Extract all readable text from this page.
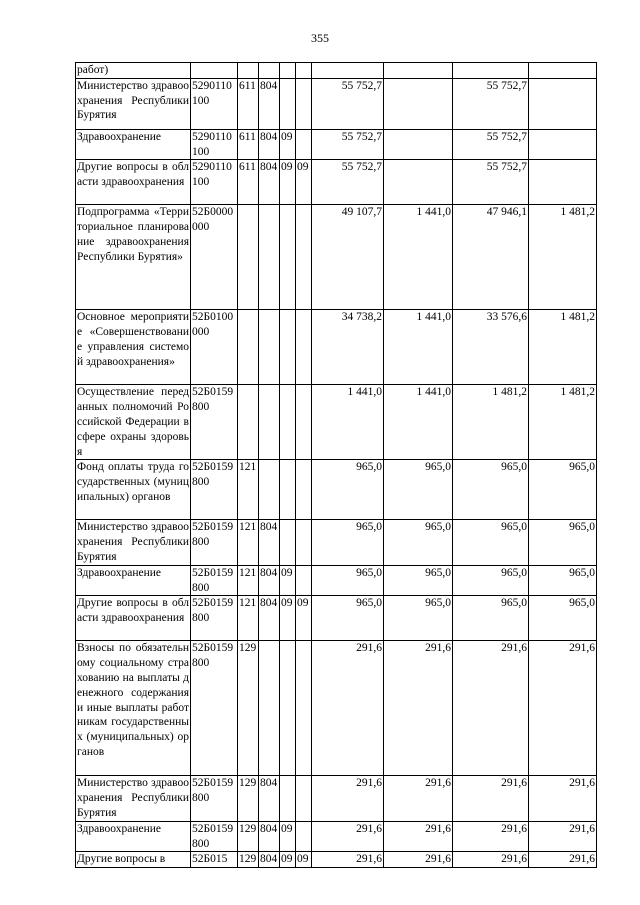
355
работ)									
Министерство здравоохранения Республики Бурятия	5290110100	611	804			55 752,7		55 752,7	
Здравоохранение	5290110100	611	804	09		55 752,7		55 752,7	
Другие вопросы в области здравоохранения	5290110100	611	804	09	09	55 752,7		55 752,7	
Подпрограмма «Территориальное планирование здравоохранения Республики Бурятия»	52Б0000000					49 107,7	1 441,0	47 946,1	1 481,2
Основное мероприятие «Совершенствование управления системой здравоохранения»	52Б0100000					34 738,2	1 441,0	33 576,6	1 481,2
Осуществление переданных полномочий Российской Федерации в сфере охраны здоровья	52Б0159800					1 441,0	1 441,0	1 481,2	1 481,2
Фонд оплаты труда государственных (муниципальных) органов	52Б0159800	121				965,0	965,0	965,0	965,0
Министерство здравоохранения Республики Бурятия	52Б0159800	121	804			965,0	965,0	965,0	965,0
Здравоохранение	52Б0159800	121	804	09		965,0	965,0	965,0	965,0
Другие вопросы в области здравоохранения	52Б0159800	121	804	09	09	965,0	965,0	965,0	965,0
Взносы по обязательному социальному страхованию на выплаты денежного содержания и иные выплаты работникам государственных (муниципальных) органов	52Б0159800	129				291,6	291,6	291,6	291,6
Министерство здравоохранения Республики Бурятия	52Б0159800	129	804			291,6	291,6	291,6	291,6
Здравоохранение	52Б0159800	129	804	09		291,6	291,6	291,6	291,6
Другие вопросы в	52Б015	129	804	09	09	291,6	291,6	291,6	291,6
